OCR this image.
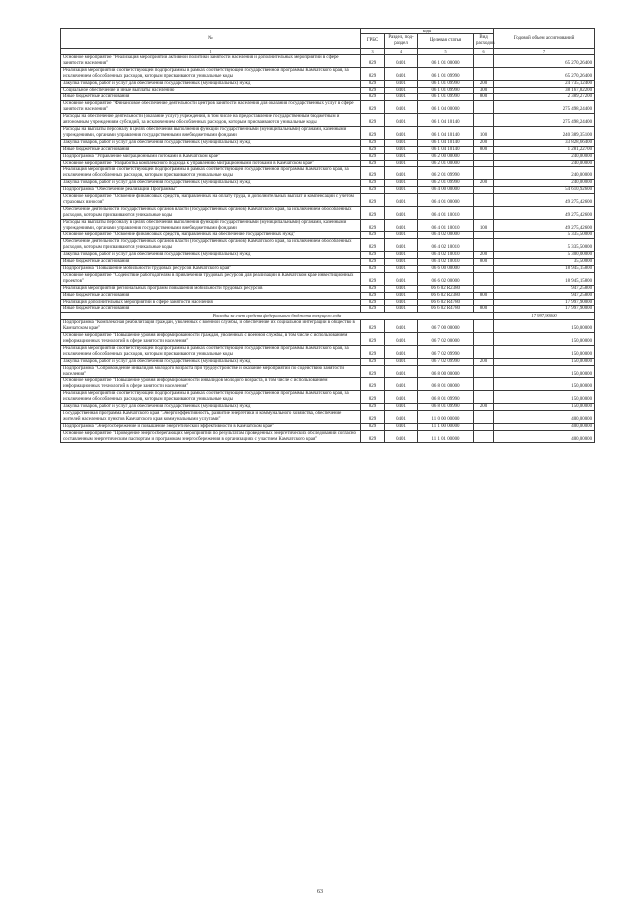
№	коды				Годовой объем ассигнований
	ГРБС	Раздел, под-раздел	Целевая статья	Вид расходов	
1	3	4	5	6	7
Основное мероприятие "Реализация мероприятий активной политики занятости населения и дополнительных мероприятий в сфере занятости населения"	829	0401	06 1 01 00000		65 270,26400
Реализация мероприятий соответствующей подпрограммы в рамках соответствующей государственной программы Камчатского края, за исключением обособленных расходов, которым присваиваются уникальные коды	829	0401	06 1 01 09990		65 270,26400
Закупка товаров, работ и услуг для обеспечения государственных (муниципальных) нужд	829	0401	06 1 01 09990	200	24 735,12400
Социальное обеспечение и иные выплаты населению	829	0401	06 1 01 09990	300	38 167,82200
Иные бюджетные ассигнования	829	0401	06 1 01 09990	800	2 389,27200
Основное мероприятие "Финансовое обеспечение деятельности центров занятости населения для оказания государственных услуг в сфере занятости населения"	829	0401	06 1 04 00000		275 498,24400
Расходы на обеспечение деятельности (оказание услуг) учреждений, в том числе на предоставление государственным бюджетным и автономным учреждениям субсидий, за исключением обособленных расходов, которым присваиваются уникальные коды	829	0401	06 1 04 10140		275 498,24400
Расходы на выплаты персоналу в целях обеспечения выполнения функций государственными (муниципальными) органами, казенными учреждениями, органами управления государственными внебюджетными фондами	829	0401	06 1 04 10140	100	240 389,35100
Закупка товаров, работ и услуг для обеспечения государственных (муниципальных) нужд	829	0401	06 1 04 10140	200	33 828,66400
Иные бюджетные ассигнования	829	0401	06 1 04 10140	800	1 281,22700
Подпрограмма "Управление миграционными потоками в Камчатском крае"	829	0401	06 2 00 00000		240,00000
Основное мероприятие "Разработка комплексного подхода к управлению миграционными потоками в Камчатском крае"	829	0401	06 2 01 00000		240,00000
Реализация мероприятий соответствующей подпрограммы в рамках соответствующей государственной программы Камчатского края, за исключением обособленных расходов, которым присваиваются уникальные коды	829	0401	06 2 01 09990		240,00000
Закупка товаров, работ и услуг для обеспечения государственных (муниципальных) нужд	829	0401	06 2 01 09990	200	240,00000
Подпрограмма "Обеспечение реализации Программы"	829	0401	06 4 00 00000		54 610,92600
Основное мероприятие "Освоение финансовых средств, направленных на оплату труда, и дополнительных выплат и компенсаций с учетом страховых взносов"	829	0401	06 4 01 00000		49 275,42600
Обеспечение деятельности государственных органов власти (государственных органов) Камчатского края, за исключением обособленных расходов, которым присваиваются уникальные коды	829	0401	06 4 01 10010		49 275,42600
Расходы на выплаты персоналу в целях обеспечения выполнения функций государственными (муниципальными) органами, казенными учреждениями, органами управления государственными внебюджетными фондами	829	0401	06 4 01 10010	100	49 275,42600
Основное мероприятие "Освоение финансовых средств, направленных на обеспечение государственных нужд"	829	0401	06 4 02 00000		5 335,50000
Обеспечение деятельности государственных органов власти (государственных органов) Камчатского края, за исключением обособленных расходов, которым присваиваются уникальные коды	829	0401	06 4 02 10010		5 335,50000
Закупка товаров, работ и услуг для обеспечения государственных (муниципальных) нужд	829	0401	06 4 02 10010	200	5 300,00000
Иные бюджетные ассигнования	829	0401	06 4 02 10010	800	35,50000
Подпрограмма "Повышение мобильности трудовых ресурсов Камчатского края"	829	0401	06 6 00 00000		18 945,15800
Основное мероприятие "Содействие работодателям в привлечении трудовых ресурсов для реализации в Камчатском крае инвестиционных проектов"	829	0401	06 6 02 00000		18 945,15800
Реализация мероприятий региональных программ повышения мобильности трудовых ресурсов	829	0401	06 6 02 R2380		947,25800
Иные бюджетные ассигнования	829	0401	06 6 02 R2380	800	947,25800
Реализация дополнительных мероприятий в сфере занятости населения	829	0401	06 6 02 R4780		17 997,90000
Иные бюджетные ассигнования	829	0401	06 6 02 R4780	800	17 997,90000
Расходы за счет средств федерального бюджета текущего года					17 997,90000
Подпрограмма "Комплексная реабилитация граждан, уволенных с военной службы, и обеспечение их социальной интеграции в общество в Камчатском крае"	829	0401	06 7 00 00000		150,00000
Основное мероприятие "Повышение уровня информированности граждан, уволенных с военной службы, в том числе с использованием информационных технологий в сфере занятости населения"	829	0401	06 7 02 00000		150,00000
Реализация мероприятий соответствующей подпрограммы в рамках соответствующей государственной программы Камчатского края, за исключением обособленных расходов, которым присваиваются уникальные коды	829	0401	06 7 02 09990		150,00000
Закупка товаров, работ и услуг для обеспечения государственных (муниципальных) нужд	829	0401	06 7 02 09990	200	150,00000
Подпрограмма "Сопровождение инвалидов молодого возраста при трудоустройстве и оказание мероприятий по содействию занятости населения"	829	0401	06 8 00 00000		150,00000
Основное мероприятие "Повышение уровня информированности инвалидов молодого возраста, в том числе с использованием информационных технологий в сфере занятости населения"	829	0401	06 8 01 00000		150,00000
Реализация мероприятий соответствующей подпрограммы в рамках соответствующей государственной программы Камчатского края, за исключением обособленных расходов, которым присваиваются уникальные коды	829	0401	06 8 01 09990		150,00000
Закупка товаров, работ и услуг для обеспечения государственных (муниципальных) нужд	829	0401	06 8 01 09990	200	150,00000
Государственная программа Камчатского края "Энергоэффективность, развитие энергетики и коммунального хозяйства, обеспечение жителей населенных пунктов Камчатского края коммунальными услугами"	829	0401	11 0 00 00000		400,00000
Подпрограмма "Энергосбережение и повышение энергетической эффективности в Камчатском крае"	829	0401	11 1 00 00000		400,00000
Основное мероприятие "Проведение энергосберегающих мероприятий по результатам проведенных энергетических обследований согласно составленным энергетическим паспортам и программам энергосбережения в организациях с участием Камчатского края"	829	0401	11 1 01 00000		400,00000
63
